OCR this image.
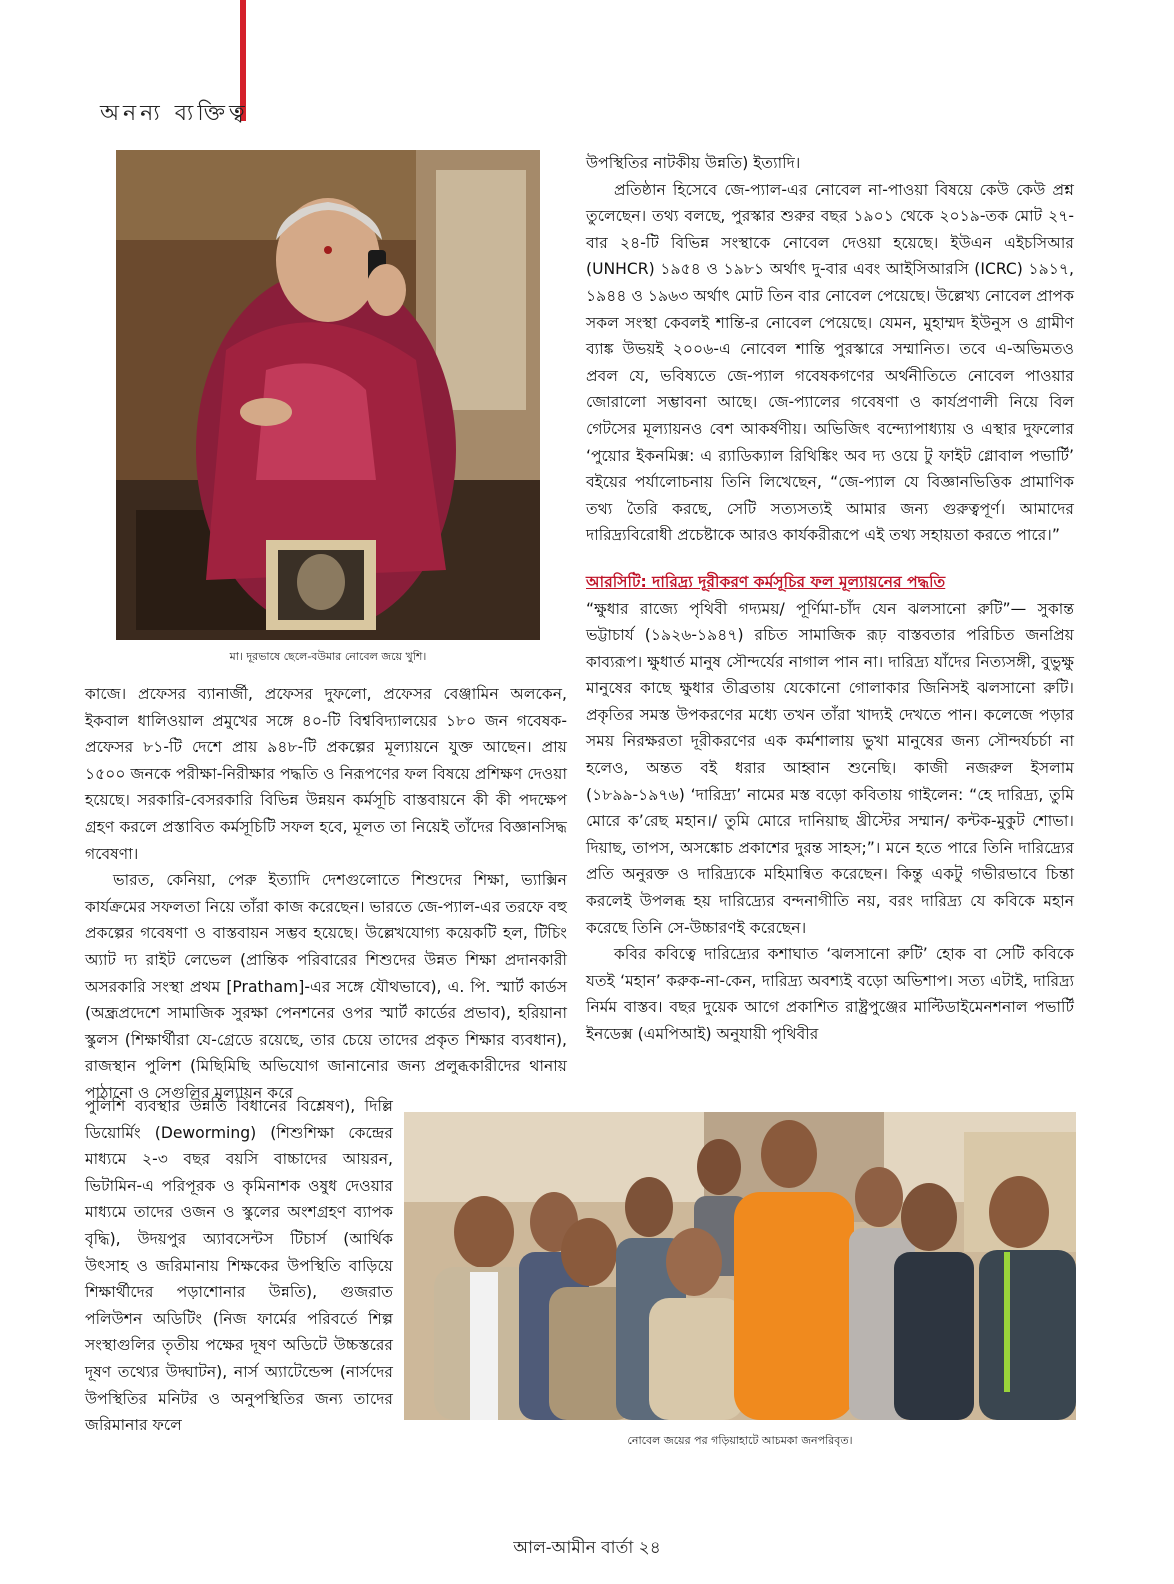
অনন্য ব্যক্তিত্ব
মা। দূরভাষে ছেলে-বউমার নোবেল জয়ে খুশি।

কাজে। প্রফেসর ব্যানার্জী, প্রফেসর দুফলো, প্রফেসর বেঞ্জামিন অলকেন, ইকবাল ধালিওয়াল প্রমুখের সঙ্গে ৪০-টি বিশ্ববিদ্যালয়ের ১৮০ জন গবেষক-প্রফেসর ৮১-টি দেশে প্রায় ৯৪৮-টি প্রকল্পের মূল্যায়নে যুক্ত আছেন। প্রায় ১৫০০ জনকে পরীক্ষা-নিরীক্ষার পদ্ধতি ও নিরূপণের ফল বিষয়ে প্রশিক্ষণ দেওয়া হয়েছে। সরকারি-বেসরকারি বিভিন্ন উন্নয়ন কর্মসূচি বাস্তবায়নে কী কী পদক্ষেপ গ্রহণ করলে প্রস্তাবিত কর্মসূচিটি সফল হবে, মূলত তা নিয়েই তাঁদের বিজ্ঞানসিদ্ধ গবেষণা।

ভারত, কেনিয়া, পেরু ইত্যাদি দেশগুলোতে শিশুদের শিক্ষা, ভ্যাক্সিন কার্যক্রমের সফলতা নিয়ে তাঁরা কাজ করেছেন। ভারতে জে-প্যাল-এর তরফে বহু প্রকল্পের গবেষণা ও বাস্তবায়ন সম্ভব হয়েছে। উল্লেখযোগ্য কয়েকটি হল, টিচিং অ্যাট দ্য রাইট লেভেল (প্রান্তিক পরিবারের শিশুদের উন্নত শিক্ষা প্রদানকারী অসরকারি সংস্থা প্রথম [Pratham]-এর সঙ্গে যৌথভাবে), এ. পি. স্মার্ট কার্ডস (অন্ধ্রপ্রদেশে সামাজিক সুরক্ষা পেনশনের ওপর স্মার্ট কার্ডের প্রভাব), হরিয়ানা স্কুলস (শিক্ষার্থীরা যে-গ্রেডে রয়েছে, তার চেয়ে তাদের প্রকৃত শিক্ষার ব্যবধান), রাজস্থান পুলিশ (মিছিমিছি অভিযোগ জানানোর জন্য প্রলুব্ধকারীদের থানায় পাঠানো ও সেগুলির মূল্যায়ন করে

পুলিশি ব্যবস্থার উন্নতি বিধানের বিশ্লেষণ), দিল্লি ডিয়োর্মিং (Deworming) (শিশুশিক্ষা কেন্দ্রের মাধ্যমে ২-৩ বছর বয়সি বাচ্চাদের আয়রন, ভিটামিন-এ পরিপূরক ও কৃমিনাশক ওষুধ দেওয়ার মাধ্যমে তাদের ওজন ও স্কুলের অংশগ্রহণ ব্যাপক বৃদ্ধি), উদয়পুর অ্যাবসেন্টস টিচার্স (আর্থিক উৎসাহ ও জরিমানায় শিক্ষকের উপস্থিতি বাড়িয়ে শিক্ষার্থীদের পড়াশোনার উন্নতি), গুজরাত পলিউশন অডিটিং (নিজ ফার্মের পরিবর্তে শিল্প সংস্থাগুলির তৃতীয় পক্ষের দূষণ অডিটে উচ্চস্তরের দূষণ তথ্যের উদ্ঘাটন), নার্স অ্যাটেন্ডেন্স (নার্সদের উপস্থিতির মনিটর ও অনুপস্থিতির জন্য তাদের জরিমানার ফলে

উপস্থিতির নাটকীয় উন্নতি) ইত্যাদি।

প্রতিষ্ঠান হিসেবে জে-প্যাল-এর নোবেল না-পাওয়া বিষয়ে কেউ কেউ প্রশ্ন তুলেছেন। তথ্য বলছে, পুরস্কার শুরুর বছর ১৯০১ থেকে ২০১৯-তক মোট ২৭-বার ২৪-টি বিভিন্ন সংস্থাকে নোবেল দেওয়া হয়েছে। ইউএন এইচসিআর (UNHCR) ১৯৫৪ ও ১৯৮১ অর্থাৎ দু-বার এবং আইসিআরসি (ICRC) ১৯১৭, ১৯৪৪ ও ১৯৬৩ অর্থাৎ মোট তিন বার নোবেল পেয়েছে। উল্লেখ্য নোবেল প্রাপক সকল সংস্থা কেবলই শান্তি-র নোবেল পেয়েছে। যেমন, মুহাম্মদ ইউনুস ও গ্রামীণ ব্যাঙ্ক উভয়ই ২০০৬-এ নোবেল শান্তি পুরস্কারে সম্মানিত। তবে এ-অভিমতও প্রবল যে, ভবিষ্যতে জে-প্যাল গবেষকগণের অর্থনীতিতে নোবেল পাওয়ার জোরালো সম্ভাবনা আছে। জে-প্যালের গবেষণা ও কার্যপ্রণালী নিয়ে বিল গেটসের মূল্যায়নও বেশ আকর্ষণীয়। অভিজিৎ বন্দ্যোপাধ্যায় ও এস্থার দুফলোর ‘পুয়োর ইকনমিক্স: এ র‍্যাডিক্যাল রিথিঙ্কিং অব দ্য ওয়ে টু ফাইট গ্লোবাল পভার্টি’ বইয়ের পর্যালোচনায় তিনি লিখেছেন, “জে-প্যাল যে বিজ্ঞানভিত্তিক প্রামাণিক তথ্য তৈরি করছে, সেটি সত্যসত্যই আমার জন্য গুরুত্বপূর্ণ। আমাদের দারিদ্র্যবিরোধী প্রচেষ্টাকে আরও কার্যকরীরূপে এই তথ্য সহায়তা করতে পারে।”

আরসিটি: দারিদ্র্য দূরীকরণ কর্মসূচির ফল মূল্যায়নের পদ্ধতি

“ক্ষুধার রাজ্যে পৃথিবী গদ্যময়/ পূর্ণিমা-চাঁদ যেন ঝলসানো রুটি”— সুকান্ত ভট্টাচার্য (১৯২৬-১৯৪৭) রচিত সামাজিক রূঢ় বাস্তবতার পরিচিত জনপ্রিয় কাব্যরূপ। ক্ষুধার্ত মানুষ সৌন্দর্যের নাগাল পান না। দারিদ্র্য যাঁদের নিত্যসঙ্গী, বুভুক্ষু মানুষের কাছে ক্ষুধার তীব্রতায় যেকোনো গোলাকার জিনিসই ঝলসানো রুটি। প্রকৃতির সমস্ত উপকরণের মধ্যে তখন তাঁরা খাদ্যই দেখতে পান। কলেজে পড়ার সময় নিরক্ষরতা দূরীকরণের এক কর্মশালায় ভুখা মানুষের জন্য সৌন্দর্যচর্চা না হলেও, অন্তত বই ধরার আহ্বান শুনেছি। কাজী নজরুল ইসলাম (১৮৯৯-১৯৭৬) ‘দারিদ্র্য’ নামের মস্ত বড়ো কবিতায় গাইলেন: “হে দারিদ্র্য, তুমি মোরে ক’রেছ মহান।/ তুমি মোরে দানিয়াছ খ্রীস্টের সম্মান/ কন্টক-মুকুট শোভা। দিয়াছ, তাপস, অসঙ্কোচ প্রকাশের দুরন্ত সাহস;”। মনে হতে পারে তিনি দারিদ্র্যের প্রতি অনুরক্ত ও দারিদ্র্যকে মহিমান্বিত করেছেন। কিন্তু একটু গভীরভাবে চিন্তা করলেই উপলব্ধ হয় দারিদ্র্যের বন্দনাগীতি নয়, বরং দারিদ্র্য যে কবিকে মহান করেছে তিনি সে-উচ্চারণই করেছেন।

কবির কবিত্বে দারিদ্র্যের কশাঘাত ‘ঝলসানো রুটি’ হোক বা সেটি কবিকে যতই ‘মহান’ করুক-না-কেন, দারিদ্র্য অবশ্যই বড়ো অভিশাপ। সত্য এটাই, দারিদ্র্য নির্মম বাস্তব। বছর দুয়েক আগে প্রকাশিত রাষ্ট্রপুঞ্জের মাল্টিডাইমেনশনাল পভার্টি ইনডেক্স (এমপিআই) অনুযায়ী পৃথিবীর

নোবেল জয়ের পর গড়িয়াহাটে আচমকা জনপরিবৃত।
আল-আমীন বার্তা ২৪
